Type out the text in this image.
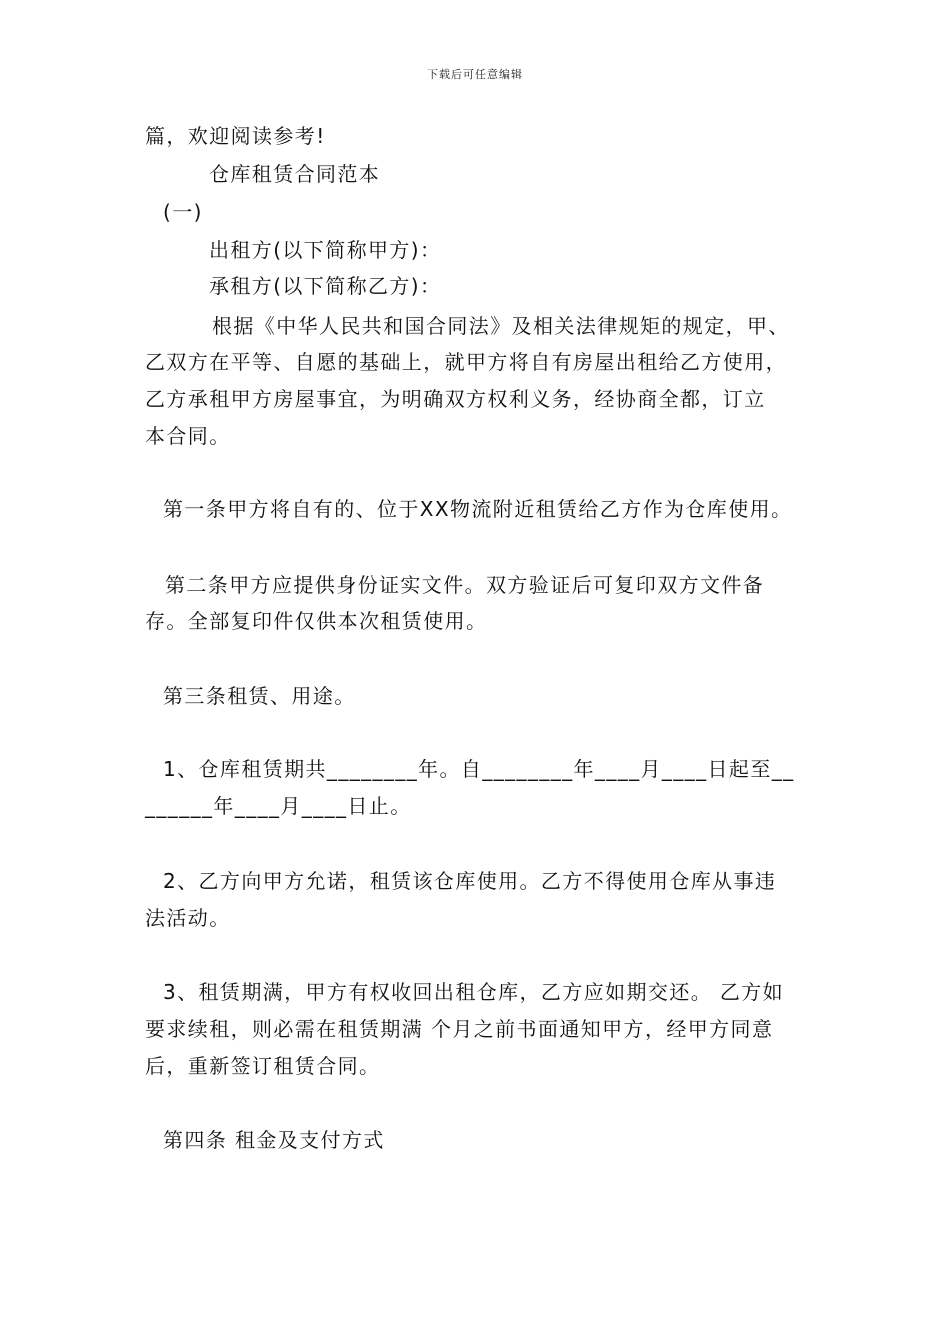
下载后可任意编辑
篇，欢迎阅读参考!
仓库租赁合同范本
(一)
出租方(以下简称甲方)：
承租方(以下简称乙方)：
根据《中华人民共和国合同法》及相关法律规矩的规定，甲、
乙双方在平等、自愿的基础上，就甲方将自有房屋出租给乙方使用，
乙方承租甲方房屋事宜，为明确双方权利义务，经协商全都，订立
本合同。
第一条甲方将自有的、位于XX物流附近租赁给乙方作为仓库使用。
第二条甲方应提供身份证实文件。双方验证后可复印双方文件备
存。全部复印件仅供本次租赁使用。
第三条租赁、用途。
1、仓库租赁期共________年。自________年____月____日起至__
______年____月____日止。
2、乙方向甲方允诺，租赁该仓库使用。乙方不得使用仓库从事违
法活动。
3、租赁期满，甲方有权收回出租仓库，乙方应如期交还。 乙方如
要求续租，则必需在租赁期满 个月之前书面通知甲方，经甲方同意
后，重新签订租赁合同。
第四条 租金及支付方式
